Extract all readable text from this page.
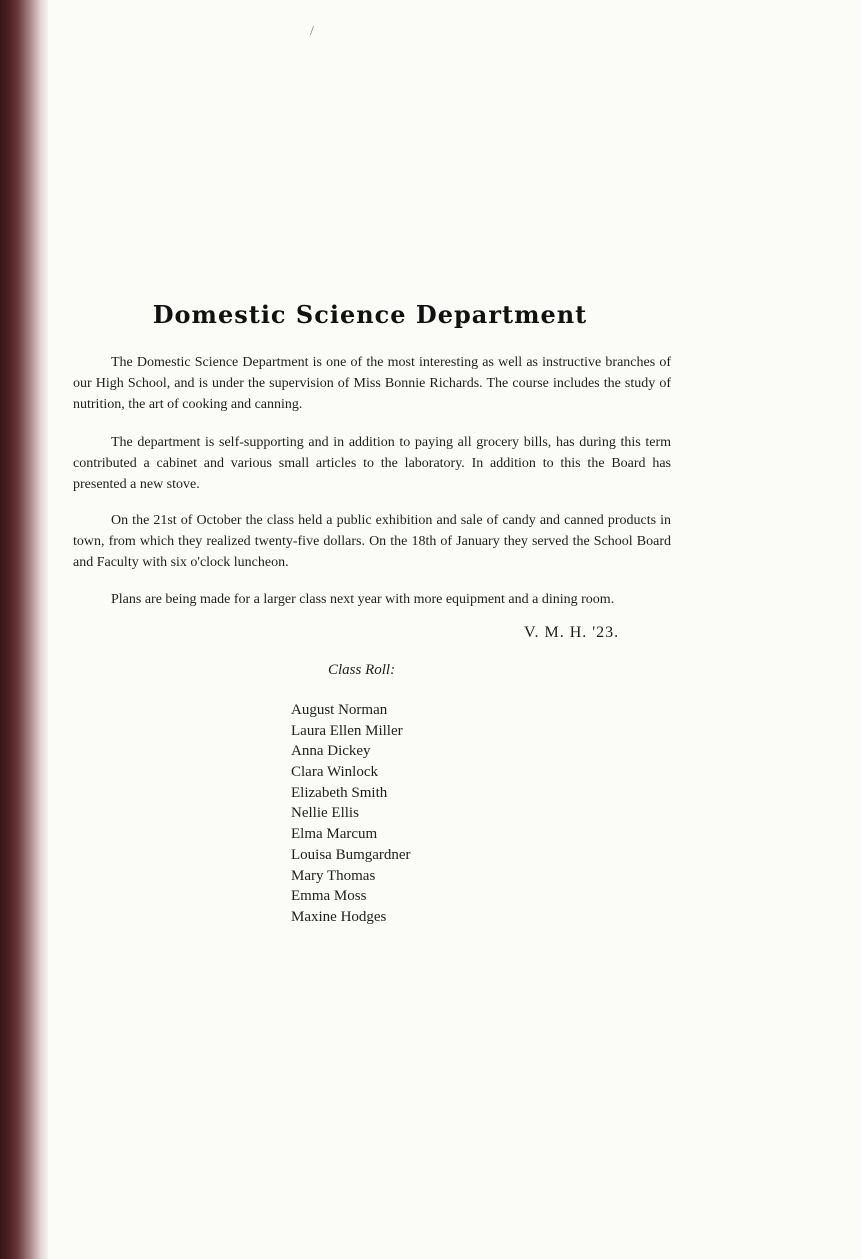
/
Domestic Science Department

The Domestic Science Department is one of the most interesting as well as instructive branches of our High School, and is under the supervision of Miss Bonnie Richards. The course includes the study of nutrition, the art of cooking and canning.

The department is self-supporting and in addition to paying all grocery bills, has during this term contributed a cabinet and various small articles to the laboratory. In addition to this the Board has presented a new stove.

On the 21st of October the class held a public exhibition and sale of candy and canned products in town, from which they realized twenty-five dollars. On the 18th of January they served the School Board and Faculty with six o'clock luncheon.

Plans are being made for a larger class next year with more equipment and a dining room.

V. M. H. '23.
Class Roll:
August Norman
Laura Ellen Miller
Anna Dickey
Clara Winlock
Elizabeth Smith
Nellie Ellis
Elma Marcum
Louisa Bumgardner
Mary Thomas
Emma Moss
Maxine Hodges
